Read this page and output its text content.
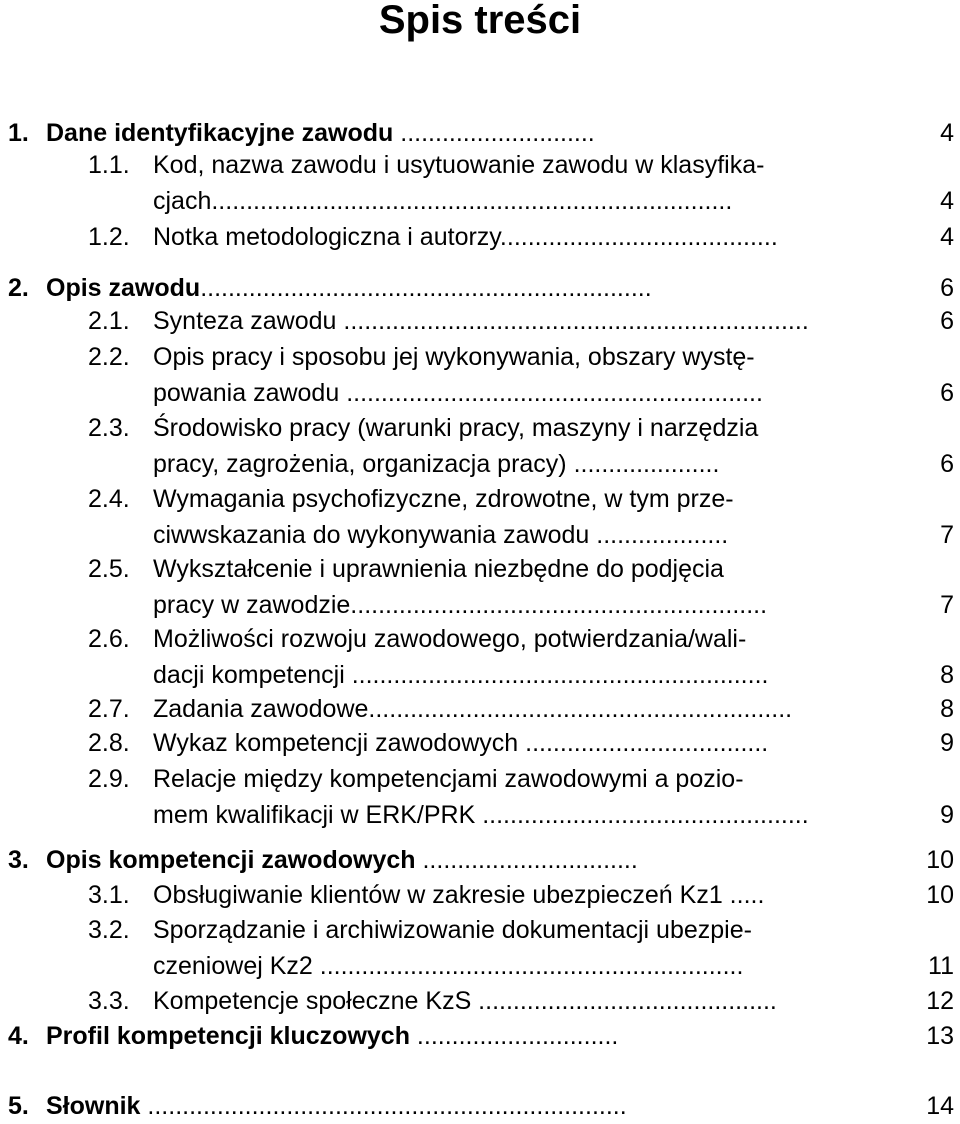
Spis treści
1. Dane identyfikacyjne zawodu ............................	4
1.1. Kod, nazwa zawodu i usytuowanie zawodu w klasyfika-
cjach...........................................................................	4
1.2. Notka metodologiczna i autorzy........................................	4
2. Opis zawodu.................................................................	6
2.1. Synteza zawodu ...................................................................	6
2.2. Opis pracy i sposobu jej wykonywania, obszary wystę-
powania zawodu ............................................................	6
2.3. Środowisko pracy (warunki pracy, maszyny i narzędzia
pracy, zagrożenia, organizacja pracy) .....................	6
2.4. Wymagania psychofizyczne, zdrowotne, w tym prze-
ciwwskazania do wykonywania zawodu ...................	7
2.5. Wykształcenie i uprawnienia niezbędne do podjęcia
pracy w zawodzie............................................................	7
2.6. Możliwości rozwoju zawodowego, potwierdzania/wali-
dacji kompetencji ............................................................	8
2.7. Zadania zawodowe.............................................................	8
2.8. Wykaz kompetencji zawodowych ...................................	9
2.9. Relacje między kompetencjami zawodowymi a pozio-
mem kwalifikacji w ERK/PRK ...............................................	9
3. Opis kompetencji zawodowych ...............................	10
3.1. Obsługiwanie klientów w zakresie ubezpieczeń Kz1 .....	10
3.2. Sporządzanie i archiwizowanie dokumentacji ubezpie-
czeniowej Kz2 .............................................................	11
3.3. Kompetencje społeczne KzS ...........................................	12
4. Profil kompetencji kluczowych .............................	13
5. Słownik .....................................................................	14
